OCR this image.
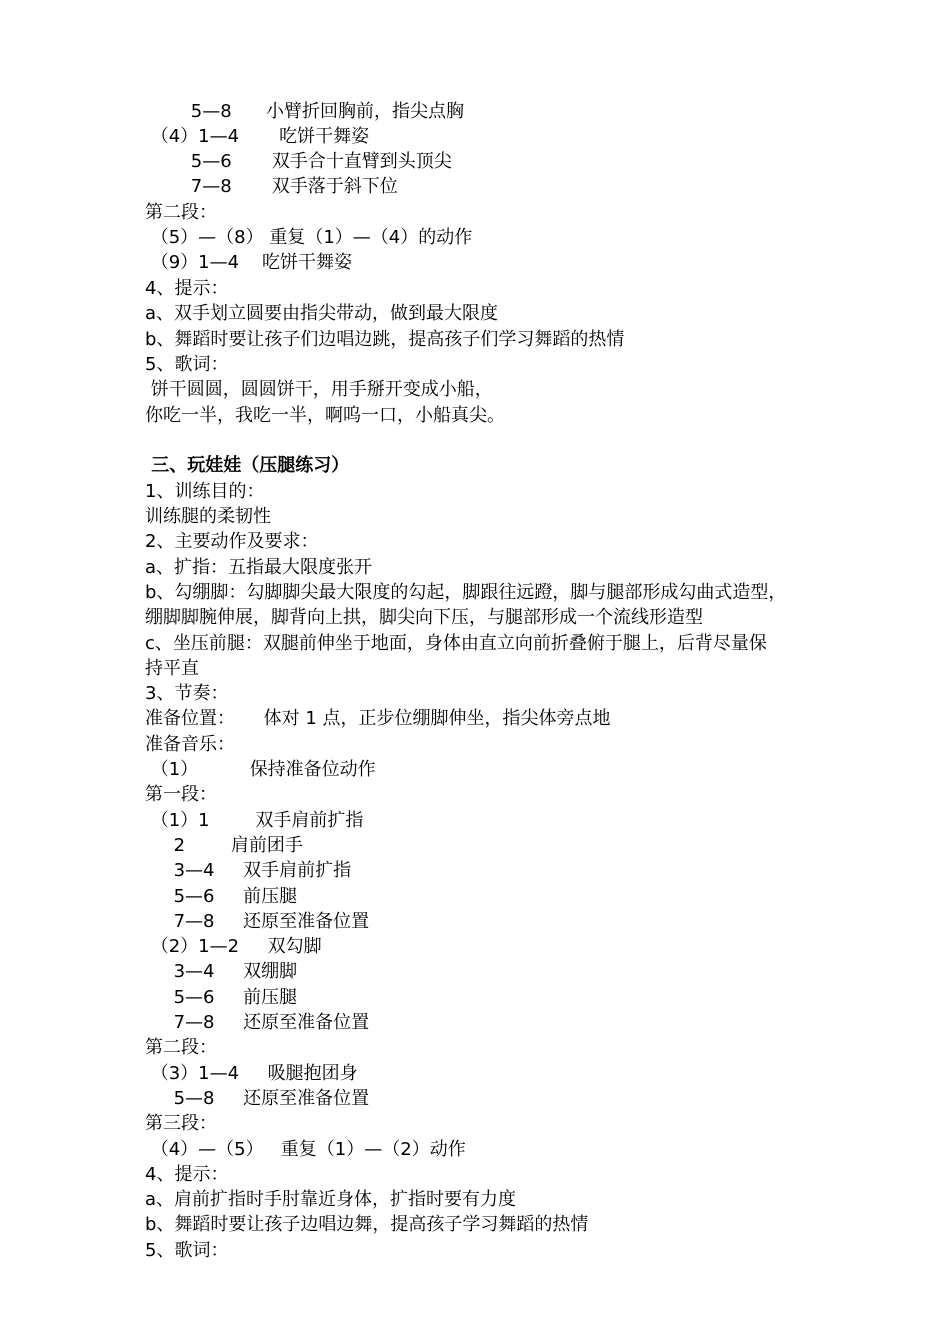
5—8      小臂折回胸前，指尖点胸
（4）1—4       吃饼干舞姿
5—6       双手合十直臂到头顶尖
7—8       双手落于斜下位
第二段：
（5）—（8） 重复（1）—（4）的动作
（9）1—4    吃饼干舞姿
4、提示：
a、双手划立圆要由指尖带动，做到最大限度
b、舞蹈时要让孩子们边唱边跳，提高孩子们学习舞蹈的热情
5、歌词：
饼干圆圆，圆圆饼干，用手掰开变成小船，
你吃一半，我吃一半，啊呜一口，小船真尖。
三、玩娃娃（压腿练习）
1、训练目的：
训练腿的柔韧性
2、主要动作及要求：
a、扩指：五指最大限度张开
b、勾绷脚：勾脚脚尖最大限度的勾起，脚跟往远蹬，脚与腿部形成勾曲式造型，
绷脚脚腕伸展，脚背向上拱，脚尖向下压，与腿部形成一个流线形造型
c、坐压前腿：双腿前伸坐于地面，身体由直立向前折叠俯于腿上，后背尽量保
持平直
3、节奏：
准备位置：     体对 1 点，正步位绷脚伸坐，指尖体旁点地
准备音乐：
（1）         保持准备位动作
第一段：
（1）1        双手肩前扩指
2        肩前团手
3—4     双手肩前扩指
5—6     前压腿
7—8     还原至准备位置
（2）1—2     双勾脚
3—4     双绷脚
5—6     前压腿
7—8     还原至准备位置
第二段：
（3）1—4     吸腿抱团身
5—8     还原至准备位置
第三段：
（4）—（5）   重复（1）—（2）动作
4、提示：
a、肩前扩指时手肘靠近身体，扩指时要有力度
b、舞蹈时要让孩子边唱边舞，提高孩子学习舞蹈的热情
5、歌词：
